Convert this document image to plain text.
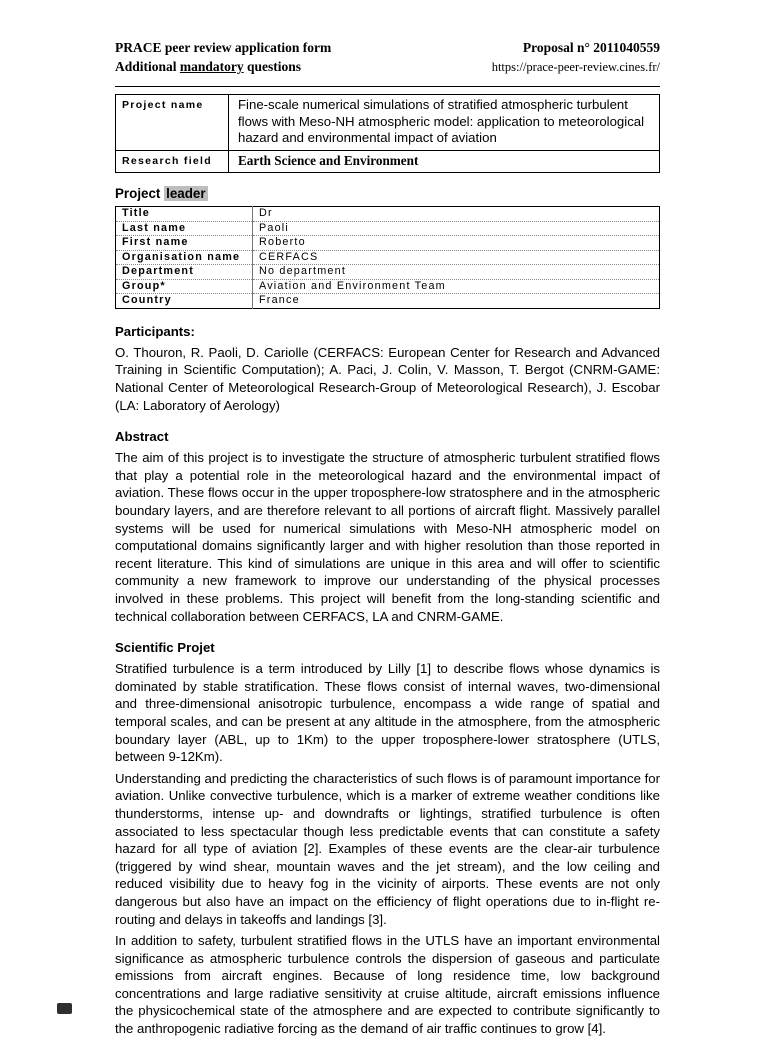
PRACE peer review application form	Proposal n° 2011040559
Additional mandatory questions	https://prace-peer-review.cines.fr/
Project name	Fine-scale numerical simulations of stratified atmospheric turbulent flows with Meso-NH atmospheric model: application to meteorological hazard and environmental impact of aviation
Research field	Earth Science and Environment
Project leader
Title	Dr
Last name	Paoli
First name	Roberto
Organisation name	CERFACS
Department	No department
Group*	Aviation and Environment Team
Country	France
Participants:

O. Thouron, R. Paoli, D. Cariolle (CERFACS: European Center for Research and Advanced Training in Scientific Computation); A. Paci, J. Colin, V. Masson, T. Bergot (CNRM-GAME: National Center of Meteorological Research-Group of Meteorological Research), J. Escobar (LA: Laboratory of Aerology)

Abstract

The aim of this project is to investigate the structure of atmospheric turbulent stratified flows that play a potential role in the meteorological hazard and the environmental impact of aviation. These flows occur in the upper troposphere-low stratosphere and in the atmospheric boundary layers, and are therefore relevant to all portions of aircraft flight. Massively parallel systems will be used for numerical simulations with Meso-NH atmospheric model on computational domains significantly larger and with higher resolution than those reported in recent literature. This kind of simulations are unique in this area and will offer to scientific community a new framework to improve our understanding of the physical processes involved in these problems. This project will benefit from the long-standing scientific and technical collaboration between CERFACS, LA and CNRM-GAME.

Scientific Projet

Stratified turbulence is a term introduced by Lilly [1] to describe flows whose dynamics is dominated by stable stratification. These flows consist of internal waves, two-dimensional and three-dimensional anisotropic turbulence, encompass a wide range of spatial and temporal scales, and can be present at any altitude in the atmosphere, from the atmospheric boundary layer (ABL, up to 1Km) to the upper troposphere-lower stratosphere (UTLS, between 9-12Km).

Understanding and predicting the characteristics of such flows is of paramount importance for aviation. Unlike convective turbulence, which is a marker of extreme weather conditions like thunderstorms, intense up- and downdrafts or lightings, stratified turbulence is often associated to less spectacular though less predictable events that can constitute a safety hazard for all type of aviation [2]. Examples of these events are the clear-air turbulence (triggered by wind shear, mountain waves and the jet stream), and the low ceiling and reduced visibility due to heavy fog in the vicinity of airports. These events are not only dangerous but also have an impact on the efficiency of flight operations due to in-flight re-routing and delays in takeoffs and landings [3].

In addition to safety, turbulent stratified flows in the UTLS have an important environmental significance as atmospheric turbulence controls the dispersion of gaseous and particulate emissions from aircraft engines. Because of long residence time, low background concentrations and large radiative sensitivity at cruise altitude, aircraft emissions influence the physicochemical state of the atmosphere and are expected to contribute significantly to the anthropogenic radiative forcing as the demand of air traffic continues to grow [4].
